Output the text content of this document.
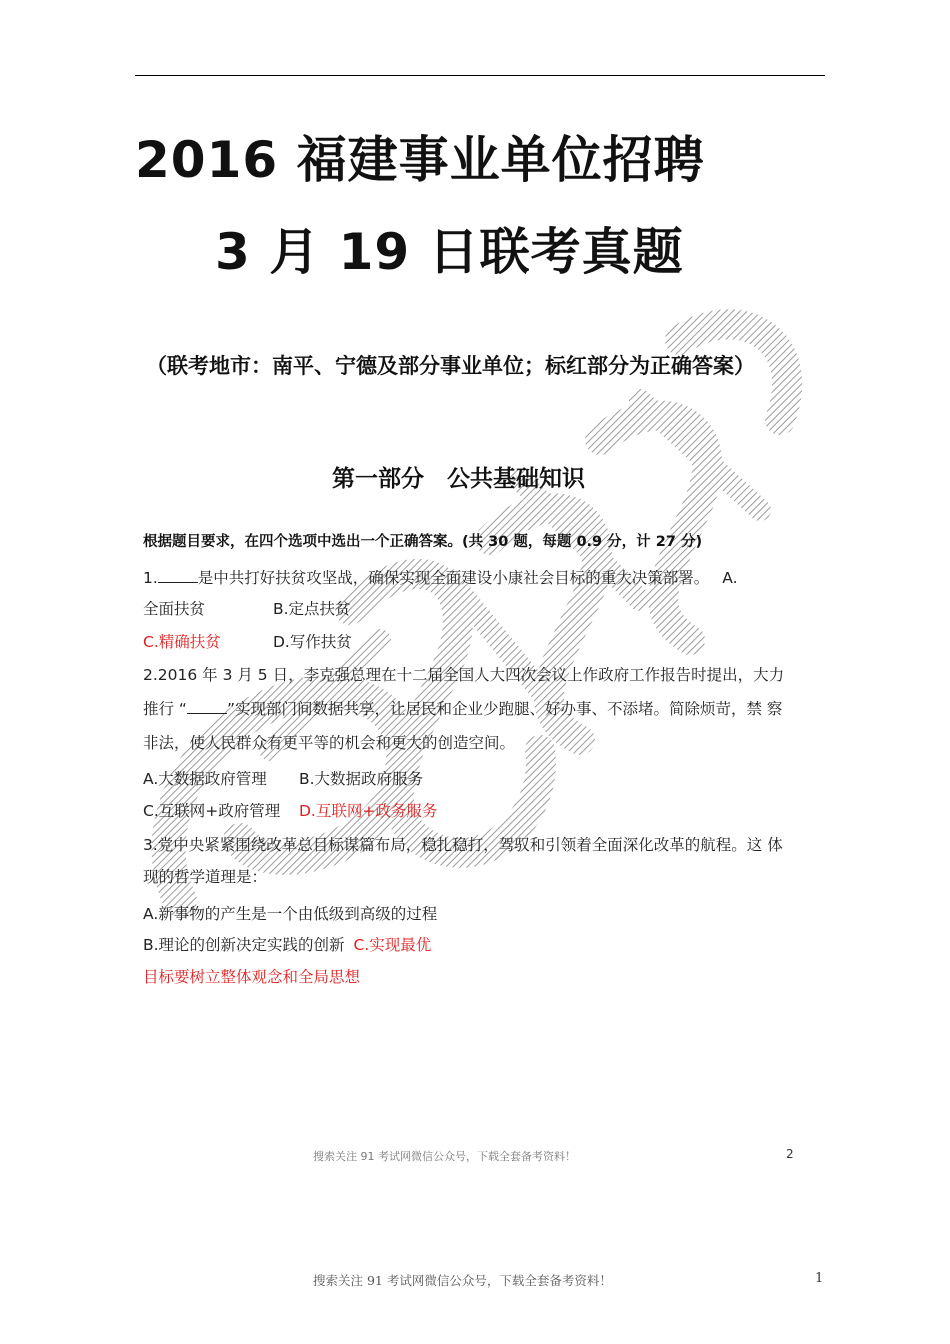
2016 福建事业单位招聘
3 月 19 日联考真题
（联考地市：南平、宁德及部分事业单位；标红部分为正确答案）
第一部分　公共基础知识
根据题目要求，在四个选项中选出一个正确答案。(共 30 题，每题 0.9 分，计 27 分)
1.	是中共打好扶贫攻坚战，确保实现全面建设小康社会目标的重大决策部署。 A.
全面扶贫	B.定点扶贫
C.精确扶贫	D.写作扶贫
2.2016 年 3 月 5 日，李克强总理在十二届全国人大四次会议上作政府工作报告时提出，大力
推行 “	”实现部门间数据共享，让居民和企业少跑腿、好办事、不添堵。简除烦苛，禁 察
非法，使人民群众有更平等的机会和更大的创造空间。
A.大数据政府管理 B.大数据政府服务
C.互联网+政府管理 D.互联网+政务服务
3.党中央紧紧围绕改革总目标谋篇布局，稳扎稳打，驾驭和引领着全面深化改革的航程。这 体
现的哲学道理是：
A.新事物的产生是一个由低级到高级的过程
B.理论的创新决定实践的创新 C.实现最优
目标要树立整体观念和全局思想
搜索关注 91 考试网微信公众号，下载全套备考资料！	2
搜索关注 91 考试网微信公众号，下载全套备考资料！	1
